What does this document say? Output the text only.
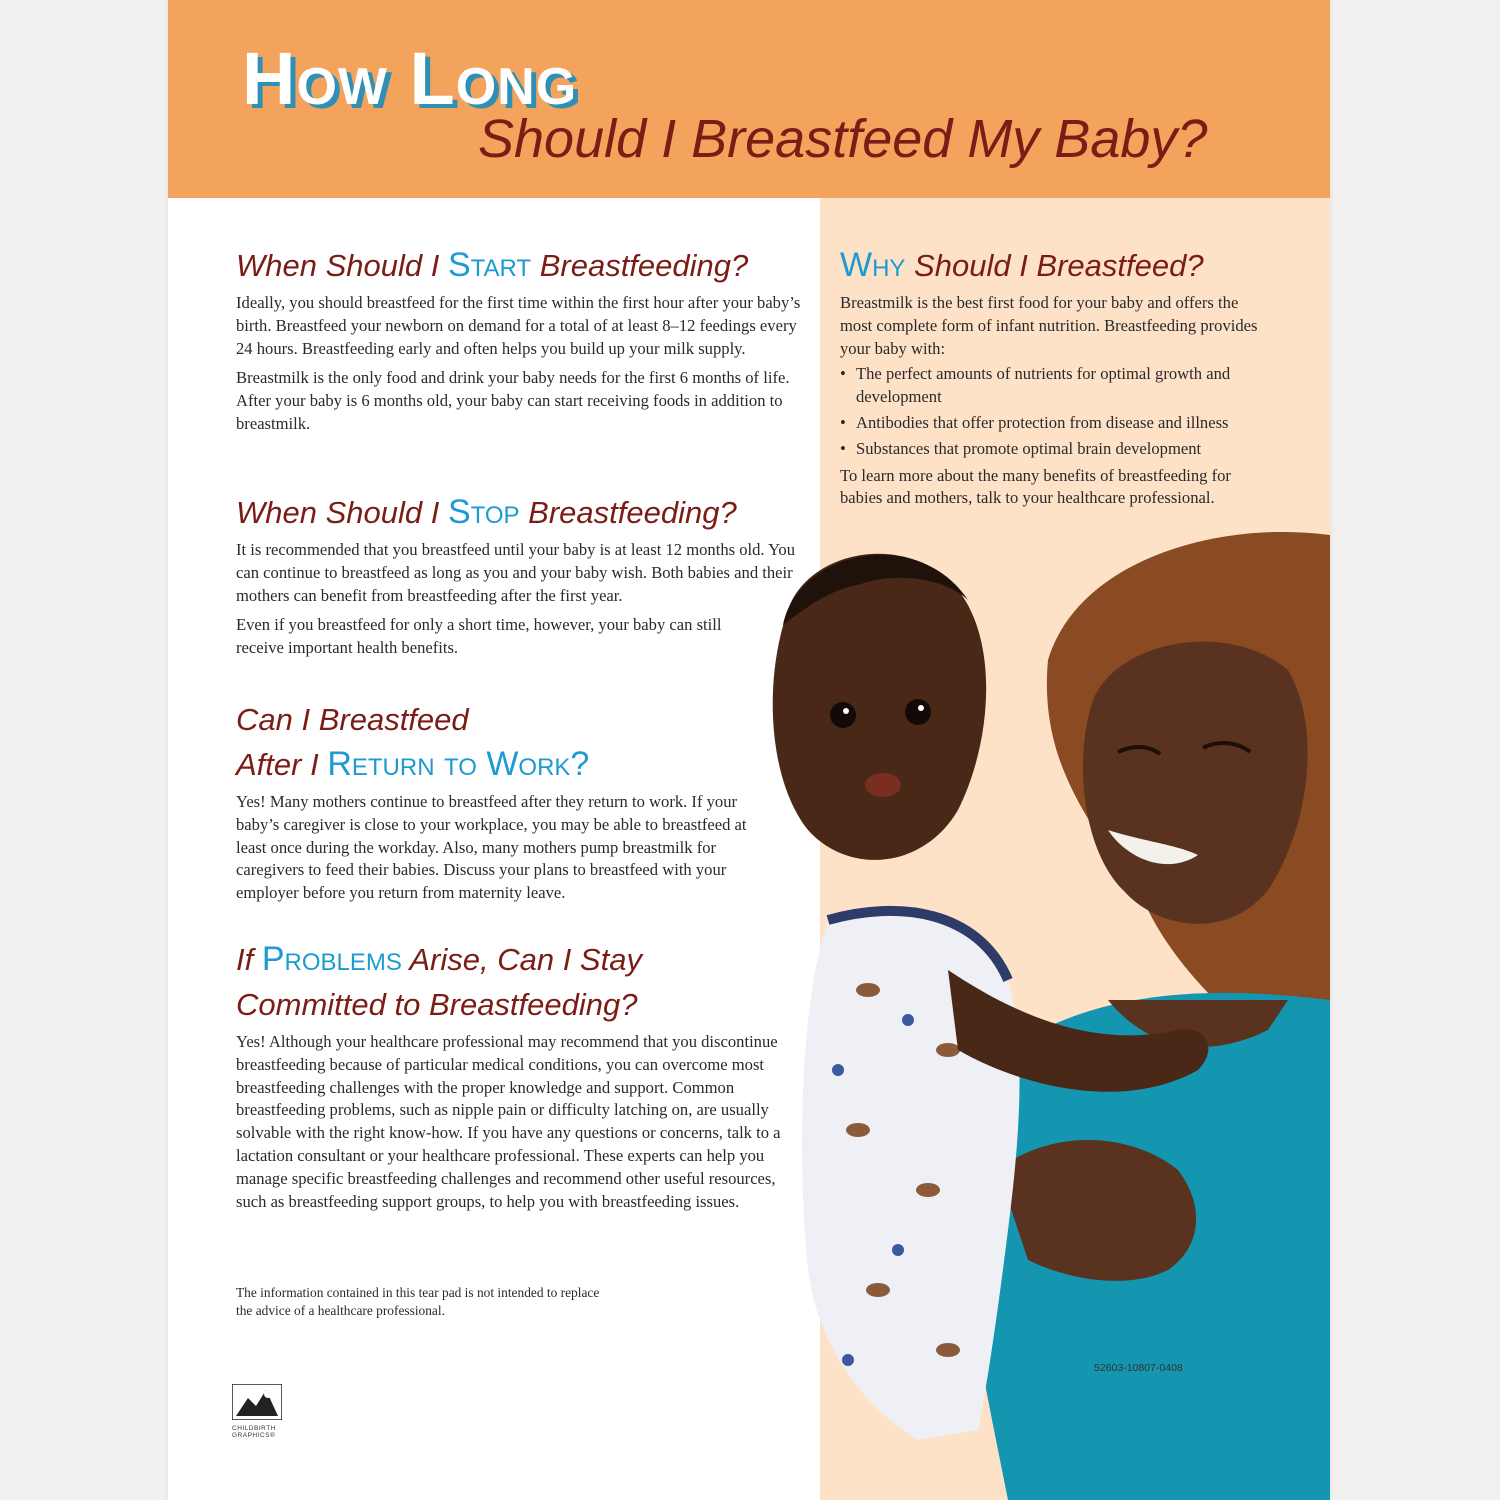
How Long
Should I Breastfeed My Baby?
When Should I Start Breastfeeding?

Ideally, you should breastfeed for the first time within the first hour after your baby’s birth. Breastfeed your newborn on demand for a total of at least 8–12 feedings every 24 hours. Breastfeeding early and often helps you build up your milk supply.

Breastmilk is the only food and drink your baby needs for the first 6 months of life. After your baby is 6 months old, your baby can start receiving foods in addition to breastmilk.

When Should I Stop Breastfeeding?

It is recommended that you breastfeed until your baby is at least 12 months old. You can continue to breastfeed as long as you and your baby wish. Both babies and their mothers can benefit from breastfeeding after the first year.

Even if you breastfeed for only a short time, however, your baby can still receive important health benefits.

Can I Breastfeed
After I Return to Work?

Yes! Many mothers continue to breastfeed after they return to work. If your baby’s caregiver is close to your workplace, you may be able to breastfeed at least once during the workday. Also, many mothers pump breastmilk for caregivers to feed their babies. Discuss your plans to breastfeed with your employer before you return from maternity leave.

If Problems Arise, Can I Stay
Committed to Breastfeeding?

Yes! Although your healthcare professional may recommend that you discontinue breastfeeding because of particular medical conditions, you can overcome most breastfeeding challenges with the proper knowledge and support. Common breastfeeding problems, such as nipple pain or difficulty latching on, are usually solvable with the right know-how. If you have any questions or concerns, talk to a lactation consultant or your healthcare professional. These experts can help you manage specific breastfeeding challenges and recommend other useful resources, such as breastfeeding support groups, to help you with breastfeeding issues.

Why Should I Breastfeed?

Breastmilk is the best first food for your baby and offers the most complete form of infant nutrition. Breastfeeding provides your baby with:

• The perfect amounts of nutrients for optimal growth and development
• Antibodies that offer protection from disease and illness
• Substances that promote optimal brain development

To learn more about the many benefits of breastfeeding for babies and mothers, talk to your healthcare professional.

The information contained in this tear pad is not intended to replace the advice of a healthcare professional.
CHILDBIRTH
GRAPHICS®
52603-10807-0408
